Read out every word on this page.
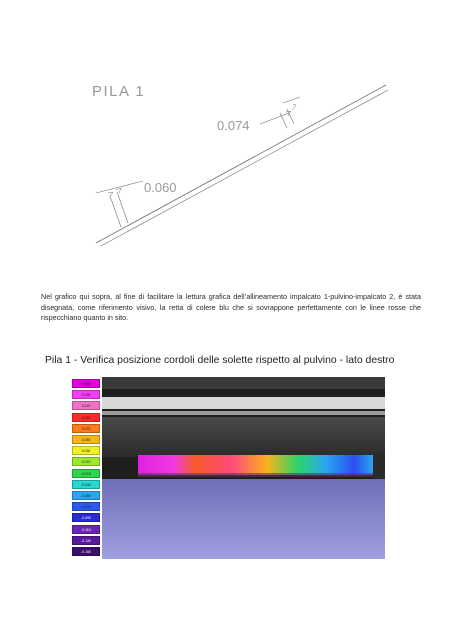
PILA 1
0.074
0.060
Nel grafico qui sopra, al fine di facilitare la lettura grafica dell’allineamento impalcato 1-pulvino-impalcato 2, è stata disegnata, come riferimento visivo, la retta di colere blu che si sovrappone perfettamente con le linee rosse che rispecchiano quanto in sito.
Pila 1 - Verifica posizione cordoli delle solette rispetto al pulvino - lato destro
0.150
0.130
0.110
0.090
0.070
0.050
0.030
0.010
-0.010
-0.030
-0.050
-0.070
-0.090
-0.110
-0.130
-0.150
